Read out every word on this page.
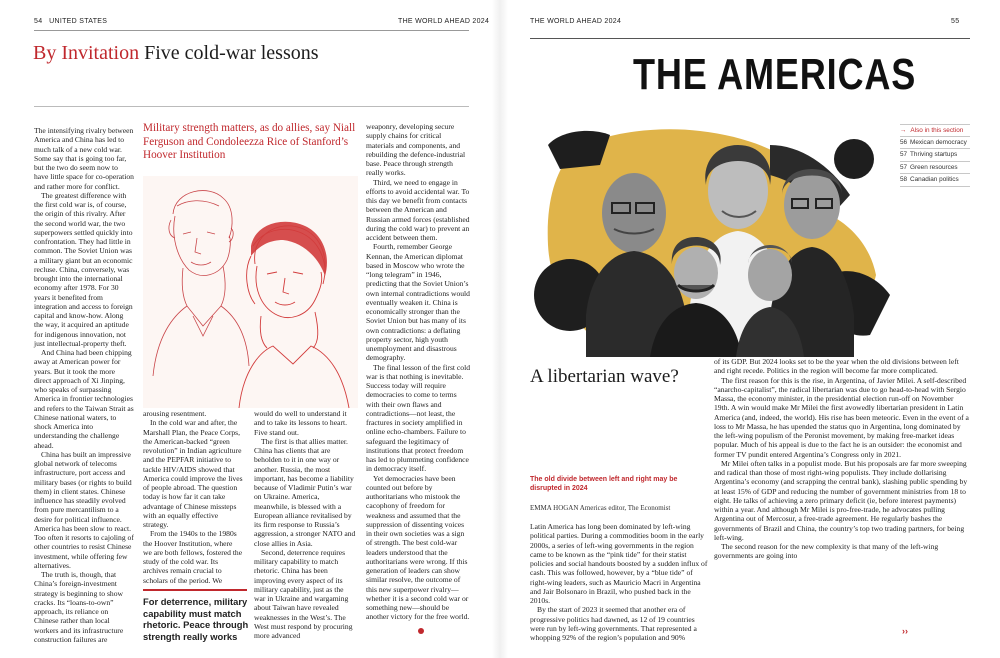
54 UNITED STATES	THE WORLD AHEAD 2024
By Invitation Five cold-war lessons

The intensifying rivalry between America and China has led to much talk of a new cold war. Some say that is going too far, but the two do seem now to have little space for co-operation and rather more for conflict.

The greatest difference with the first cold war is, of course, the origin of this rivalry. After the second world war, the two superpowers settled quickly into confrontation. They had little in common. The Soviet Union was a military giant but an economic recluse. China, conversely, was brought into the international economy after 1978. For 30 years it benefited from integration and access to foreign capital and know-how. Along the way, it acquired an aptitude for indigenous innovation, not just intellectual-property theft.

And China had been chipping away at American power for years. But it took the more direct approach of Xi Jinping, who speaks of surpassing America in frontier technologies and refers to the Taiwan Strait as Chinese national waters, to shock America into understanding the challenge ahead.

China has built an impressive global network of telecoms infrastructure, port access and military bases (or rights to build them) in client states. Chinese influence has steadily evolved from pure mercantilism to a desire for political influence. America has been slow to react. Too often it resorts to cajoling of other countries to resist Chinese investment, while offering few alternatives.

The truth is, though, that China’s foreign-investment strategy is beginning to show cracks. Its “loans-to-own” approach, its reliance on Chinese rather than local workers and its infrastructure construction failures are

Military strength matters, as do allies, say Niall Ferguson and Condoleezza Rice of Stanford’s Hoover Institution

arousing resentment.

In the cold war and after, the Marshall Plan, the Peace Corps, the American-backed “green revolution” in Indian agriculture and the PEPFAR initiative to tackle HIV/AIDS showed that America could improve the lives of people abroad. The question today is how far it can take advantage of Chinese missteps with an equally effective strategy.

From the 1940s to the 1980s the Hoover Institution, where we are both fellows, fostered the study of the cold war. Its archives remain crucial to scholars of the period. We

For deterrence, military capability must match rhetoric. Peace through strength really works

would do well to understand it and to take its lessons to heart. Five stand out.

The first is that allies matter. China has clients that are beholden to it in one way or another. Russia, the most important, has become a liability because of Vladimir Putin’s war on Ukraine. America, meanwhile, is blessed with a European alliance revitalised by its firm response to Russia’s aggression, a stronger NATO and close allies in Asia.

Second, deterrence requires military capability to match rhetoric. China has been improving every aspect of its military capability, just as the war in Ukraine and wargaming about Taiwan have revealed weaknesses in the West’s. The West must respond by procuring more advanced

weaponry, developing secure supply chains for critical materials and components, and rebuilding the defence-industrial base. Peace through strength really works.

Third, we need to engage in efforts to avoid accidental war. To this day we benefit from contacts between the American and Russian armed forces (established during the cold war) to prevent an accident between them.

Fourth, remember George Kennan, the American diplomat based in Moscow who wrote the “long telegram” in 1946, predicting that the Soviet Union’s own internal contradictions would eventually weaken it. China is economically stronger than the Soviet Union but has many of its own contradictions: a deflating property sector, high youth unemployment and disastrous demography.

The final lesson of the first cold war is that nothing is inevitable. Success today will require democracies to come to terms with their own flaws and contradictions—not least, the fractures in society amplified in online echo-chambers. Failure to safeguard the legitimacy of institutions that protect freedom has led to plummeting confidence in democracy itself.

Yet democracies have been counted out before by authoritarians who mistook the cacophony of freedom for weakness and assumed that the suppression of dissenting voices in their own societies was a sign of strength. The best cold-war leaders understood that the authoritarians were wrong. If this generation of leaders can show similar resolve, the outcome of this new superpower rivalry—whether it is a second cold war or something new—should be another victory for the free world.

THE WORLD AHEAD 2024	55
THE AMERICAS
→ Also in this section
56 Mexican democracy
57 Thriving startups
57 Green resources
58 Canadian politics
A libertarian wave?
The old divide between left and right may be disrupted in 2024
EMMA HOGAN Americas editor, The Economist

Latin America has long been dominated by left-wing political parties. During a commodities boom in the early 2000s, a series of left-wing governments in the region came to be known as the “pink tide” for their statist policies and social handouts boosted by a sudden influx of cash. This was followed, however, by a “blue tide” of right-wing leaders, such as Mauricio Macri in Argentina and Jair Bolsonaro in Brazil, who pushed back in the 2010s.

By the start of 2023 it seemed that another era of progressive politics had dawned, as 12 of 19 countries were run by left-wing governments. That represented a whopping 92% of the region’s population and 90%

of its GDP. But 2024 looks set to be the year when the old divisions between left and right recede. Politics in the region will become far more complicated.

The first reason for this is the rise, in Argentina, of Javier Milei. A self-described “anarcho-capitalist”, the radical libertarian was due to go head-to-head with Sergio Massa, the economy minister, in the presidential election run-off on November 19th. A win would make Mr Milei the first avowedly libertarian president in Latin America (and, indeed, the world). His rise has been meteoric. Even in the event of a loss to Mr Massa, he has upended the status quo in Argentina, long dominated by the left-wing populism of the Peronist movement, by making free-market ideas popular. Much of his appeal is due to the fact he is an outsider: the economist and former TV pundit entered Argentina’s Congress only in 2021.

Mr Milei often talks in a populist mode. But his proposals are far more sweeping and radical than those of most right-wing populists. They include dollarising Argentina’s economy (and scrapping the central bank), slashing public spending by at least 15% of GDP and reducing the number of government ministries from 18 to eight. He talks of achieving a zero primary deficit (ie, before interest payments) within a year. And although Mr Milei is pro-free-trade, he advocates pulling Argentina out of Mercosur, a free-trade agreement. He regularly bashes the governments of Brazil and China, the country’s top two trading partners, for being left-wing.

The second reason for the new complexity is that many of the left-wing governments are going into

››
